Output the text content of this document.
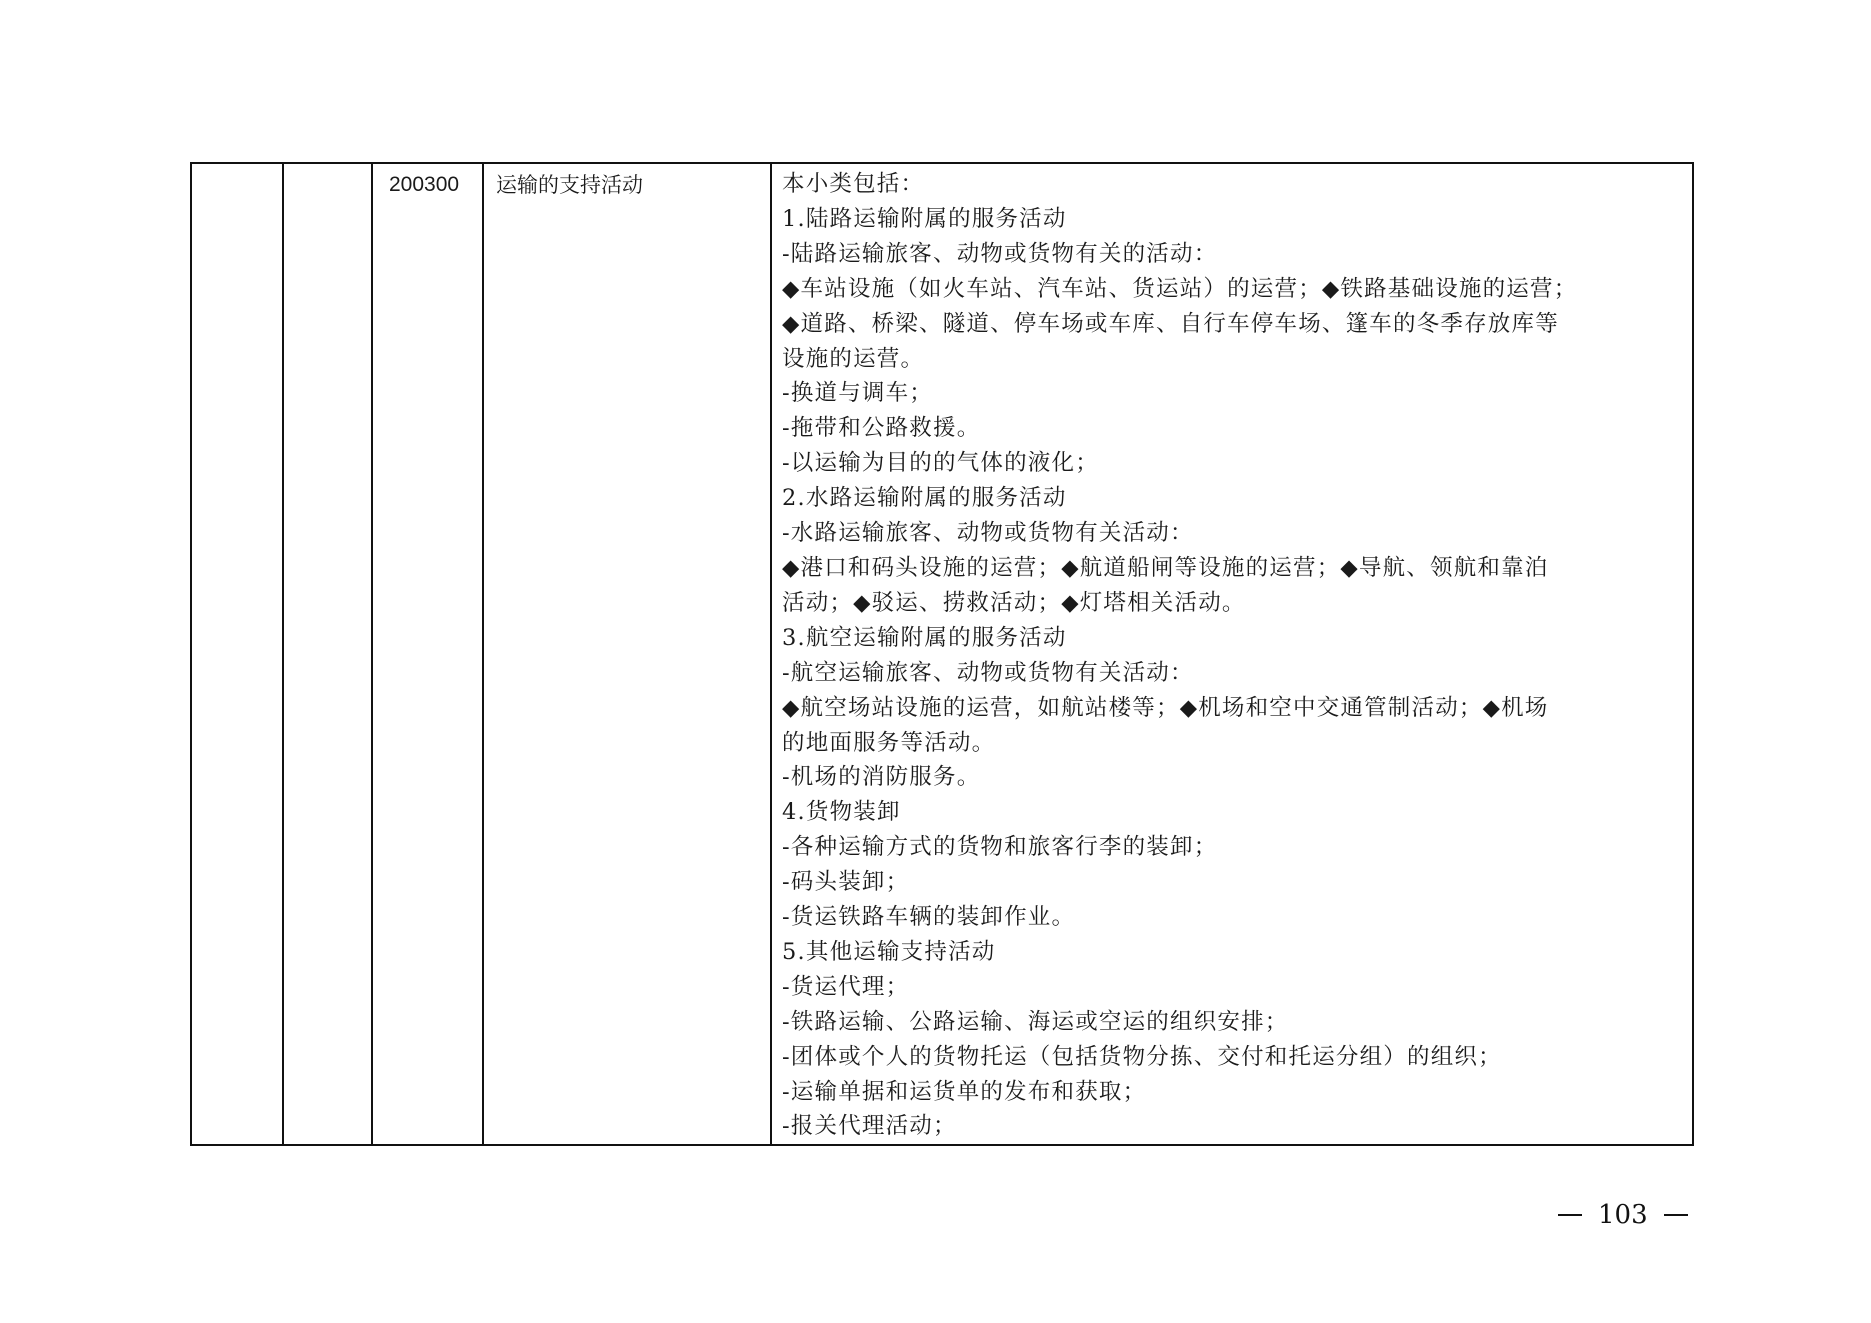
		200300	运输的支持活动	本小类包括：
1.陆路运输附属的服务活动
-陆路运输旅客、动物或货物有关的活动：
◆车站设施（如火车站、汽车站、货运站）的运营；◆铁路基础设施的运营；
◆道路、桥梁、隧道、停车场或车库、自行车停车场、篷车的冬季存放库等
设施的运营。
-换道与调车；
-拖带和公路救援。
-以运输为目的的气体的液化；
2.水路运输附属的服务活动
-水路运输旅客、动物或货物有关活动：
◆港口和码头设施的运营；◆航道船闸等设施的运营；◆导航、领航和靠泊
活动；◆驳运、捞救活动；◆灯塔相关活动。
3.航空运输附属的服务活动
-航空运输旅客、动物或货物有关活动：
◆航空场站设施的运营，如航站楼等；◆机场和空中交通管制活动；◆机场
的地面服务等活动。
-机场的消防服务。
4.货物装卸
-各种运输方式的货物和旅客行李的装卸；
-码头装卸；
-货运铁路车辆的装卸作业。
5.其他运输支持活动
-货运代理；
-铁路运输、公路运输、海运或空运的组织安排；
-团体或个人的货物托运（包括货物分拣、交付和托运分组）的组织；
-运输单据和运货单的发布和获取；
-报关代理活动；
103
